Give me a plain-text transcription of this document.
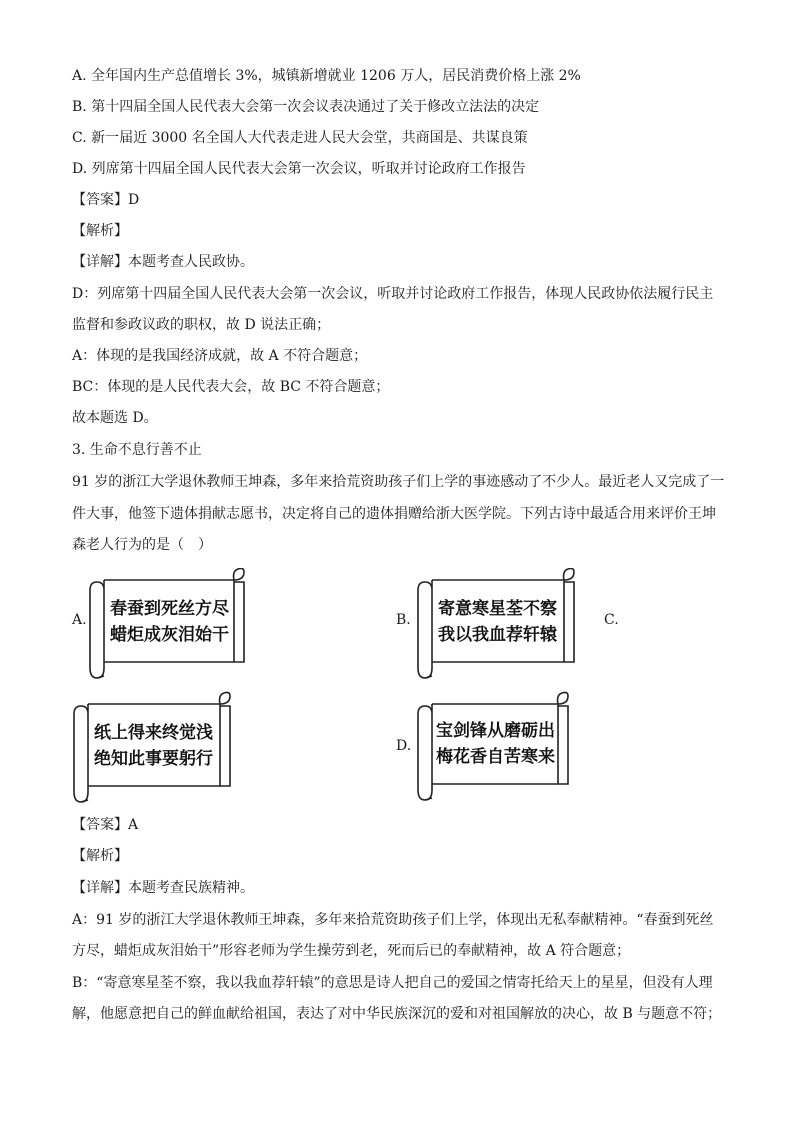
A. 全年国内生产总值增长 3%，城镇新增就业 1206 万人，居民消费价格上涨 2%
B. 第十四届全国人民代表大会第一次会议表决通过了关于修改立法法的决定
C. 新一届近 3000 名全国人大代表走进人民大会堂，共商国是、共谋良策
D. 列席第十四届全国人民代表大会第一次会议，听取并讨论政府工作报告
【答案】D
【解析】
【详解】本题考查人民政协。
D：列席第十四届全国人民代表大会第一次会议，听取并讨论政府工作报告，体现人民政协依法履行民主
监督和参政议政的职权，故 D 说法正确；
A：体现的是我国经济成就，故 A 不符合题意；
BC：体现的是人民代表大会，故 BC 不符合题意；
故本题选 D。
3. 生命不息行善不止
91 岁的浙江大学退休教师王坤森，多年来拾荒资助孩子们上学的事迹感动了不少人。最近老人又完成了一
件大事，他签下遗体捐献志愿书，决定将自己的遗体捐赠给浙大医学院。下列古诗中最适合用来评价王坤
森老人行为的是（　）
A.
春蚕到死丝方尽
蜡炬成灰泪始干
B.
寄意寒星荃不察
我以我血荐轩辕
C.
纸上得来终觉浅
绝知此事要躬行
D.
宝剑锋从磨砺出
梅花香自苦寒来
【答案】A
【解析】
【详解】本题考查民族精神。
A：91 岁的浙江大学退休教师王坤森，多年来拾荒资助孩子们上学，体现出无私奉献精神。“春蚕到死丝
方尽，蜡炬成灰泪始干”形容老师为学生操劳到老，死而后已的奉献精神，故 A 符合题意；
B：“寄意寒星荃不察，我以我血荐轩辕”的意思是诗人把自己的爱国之情寄托给天上的星星，但没有人理
解，他愿意把自己的鲜血献给祖国，表达了对中华民族深沉的爱和对祖国解放的决心，故 B 与题意不符；
